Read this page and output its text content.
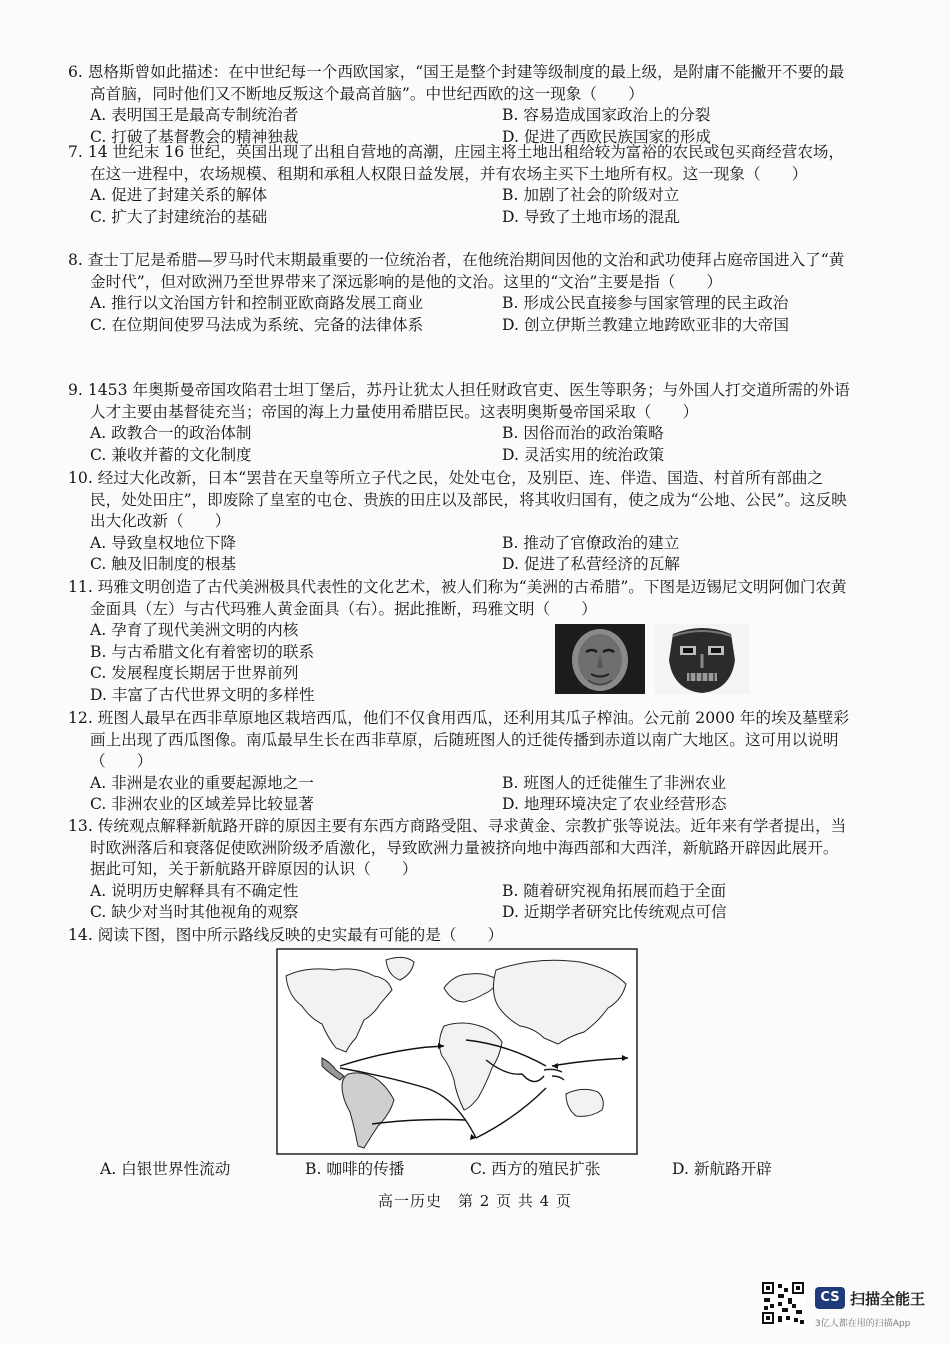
6. 恩格斯曾如此描述：在中世纪每一个西欧国家，“国王是整个封建等级制度的最上级，是附庸不能撇开不要的最高首脑，同时他们又不断地反叛这个最高首脑”。中世纪西欧的这一现象（　　）

A. 表明国王是最高专制统治者	B. 容易造成国家政治上的分裂
C. 打破了基督教会的精神独裁	D. 促进了西欧民族国家的形成

7. 14 世纪末 16 世纪，英国出现了出租自营地的高潮，庄园主将土地出租给较为富裕的农民或包买商经营农场，在这一进程中，农场规模、租期和承租人权限日益发展，并有农场主买下土地所有权。这一现象（　　）

A. 促进了封建关系的解体	B. 加剧了社会的阶级对立
C. 扩大了封建统治的基础	D. 导致了土地市场的混乱

8. 查士丁尼是希腊—罗马时代末期最重要的一位统治者，在他统治期间因他的文治和武功使拜占庭帝国进入了“黄金时代”，但对欧洲乃至世界带来了深远影响的是他的文治。这里的“文治”主要是指（　　）

A. 推行以文治国方针和控制亚欧商路发展工商业	B. 形成公民直接参与国家管理的民主政治
C. 在位期间使罗马法成为系统、完备的法律体系	D. 创立伊斯兰教建立地跨欧亚非的大帝国

9. 1453 年奥斯曼帝国攻陷君士坦丁堡后，苏丹让犹太人担任财政官吏、医生等职务；与外国人打交道所需的外语人才主要由基督徒充当；帝国的海上力量使用希腊臣民。这表明奥斯曼帝国采取（　　）

A. 政教合一的政治体制	B. 因俗而治的政治策略
C. 兼收并蓄的文化制度	D. 灵活实用的统治政策

10. 经过大化改新，日本“罢昔在天皇等所立子代之民，处处屯仓，及别臣、连、伴造、国造、村首所有部曲之民，处处田庄”，即废除了皇室的屯仓、贵族的田庄以及部民，将其收归国有，使之成为“公地、公民”。这反映出大化改新（　　）

A. 导致皇权地位下降	B. 推动了官僚政治的建立
C. 触及旧制度的根基	D. 促进了私营经济的瓦解

11. 玛雅文明创造了古代美洲极具代表性的文化艺术，被人们称为“美洲的古希腊”。下图是迈锡尼文明阿伽门农黄金面具（左）与古代玛雅人黄金面具（右）。据此推断，玛雅文明（　　）

A. 孕育了现代美洲文明的内核
B. 与古希腊文化有着密切的联系
C. 发展程度长期居于世界前列
D. 丰富了古代世界文明的多样性

12. 班图人最早在西非草原地区栽培西瓜，他们不仅食用西瓜，还利用其瓜子榨油。公元前 2000 年的埃及墓壁彩画上出现了西瓜图像。南瓜最早生长在西非草原，后随班图人的迁徙传播到赤道以南广大地区。这可用以说明（　　）

A. 非洲是农业的重要起源地之一	B. 班图人的迁徙催生了非洲农业
C. 非洲农业的区域差异比较显著	D. 地理环境决定了农业经营形态

13. 传统观点解释新航路开辟的原因主要有东西方商路受阻、寻求黄金、宗教扩张等说法。近年来有学者提出，当时欧洲落后和衰落促使欧洲阶级矛盾激化，导致欧洲力量被挤向地中海西部和大西洋，新航路开辟因此展开。据此可知，关于新航路开辟原因的认识（　　）

A. 说明历史解释具有不确定性	B. 随着研究视角拓展而趋于全面
C. 缺少对当时其他视角的观察	D. 近期学者研究比传统观点可信

14. 阅读下图，图中所示路线反映的史实最有可能的是（　　）

A. 白银世界性流动	B. 咖啡的传播	C. 西方的殖民扩张	D. 新航路开辟
高一历史　第 2 页 共 4 页
CS 扫描全能王
3亿人都在用的扫描App
